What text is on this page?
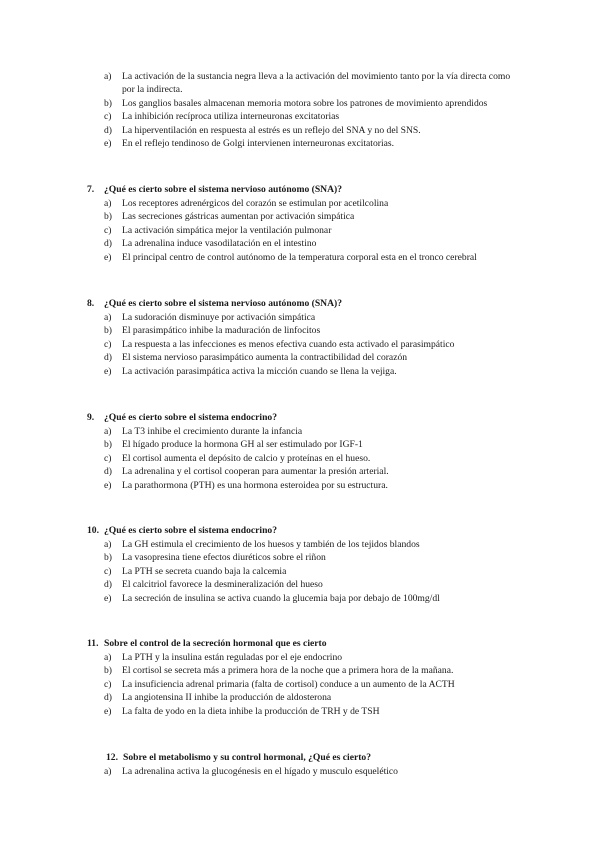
a) La activación de la sustancia negra lleva a la activación del movimiento tanto por la vía directa como por la indirecta.
b) Los ganglios basales almacenan memoria motora sobre los patrones de movimiento aprendidos
c) La inhibición recíproca utiliza interneuronas excitatorias
d) La hiperventilación en respuesta al estrés es un reflejo del SNA y no del SNS.
e) En el reflejo tendinoso de Golgi intervienen interneuronas excitatorias.
7. ¿Qué es cierto sobre el sistema nervioso autónomo (SNA)?
a) Los receptores adrenérgicos del corazón se estimulan por acetilcolina
b) Las secreciones gástricas aumentan por activación simpática
c) La activación simpática mejor la ventilación pulmonar
d) La adrenalina induce vasodilatación en el intestino
e) El principal centro de control autónomo de la temperatura corporal esta en el tronco cerebral
8. ¿Qué es cierto sobre el sistema nervioso autónomo (SNA)?
a) La sudoración disminuye por activación simpática
b) El parasimpático inhibe la maduración de linfocitos
c) La respuesta a las infecciones es menos efectiva cuando esta activado el parasimpático
d) El sistema nervioso parasimpático aumenta la contractibilidad del corazón
e) La activación parasimpática activa la micción cuando se llena la vejiga.
9. ¿Qué es cierto sobre el sistema endocrino?
a) La T3 inhibe el crecimiento durante la infancia
b) El hígado produce la hormona GH al ser estimulado por IGF-1
c) El cortisol aumenta el depósito de calcio y proteínas en el hueso.
d) La adrenalina y el cortisol cooperan para aumentar la presión arterial.
e) La parathormona (PTH) es una hormona esteroidea por su estructura.
10. ¿Qué es cierto sobre el sistema endocrino?
a) La GH estimula el crecimiento de los huesos y también de los tejidos blandos
b) La vasopresina tiene efectos diuréticos sobre el riñon
c) La PTH se secreta cuando baja la calcemia
d) El calcitriol favorece la desmineralización del hueso
e) La secreción de insulina se activa cuando la glucemia baja por debajo de 100mg/dl
11. Sobre el control de la secreción hormonal que es cierto
a) La PTH y la insulina están reguladas por el eje endocrino
b) El cortisol se secreta más a primera hora de la noche que a primera hora de la mañana.
c) La insuficiencia adrenal primaria (falta de cortisol) conduce a un aumento de la ACTH
d) La angiotensina II inhibe la producción de aldosterona
e) La falta de yodo en la dieta inhibe la producción de TRH y de TSH
12. Sobre el metabolismo y su control hormonal, ¿Qué es cierto?
a) La adrenalina activa la glucogénesis en el hígado y musculo esquelético
